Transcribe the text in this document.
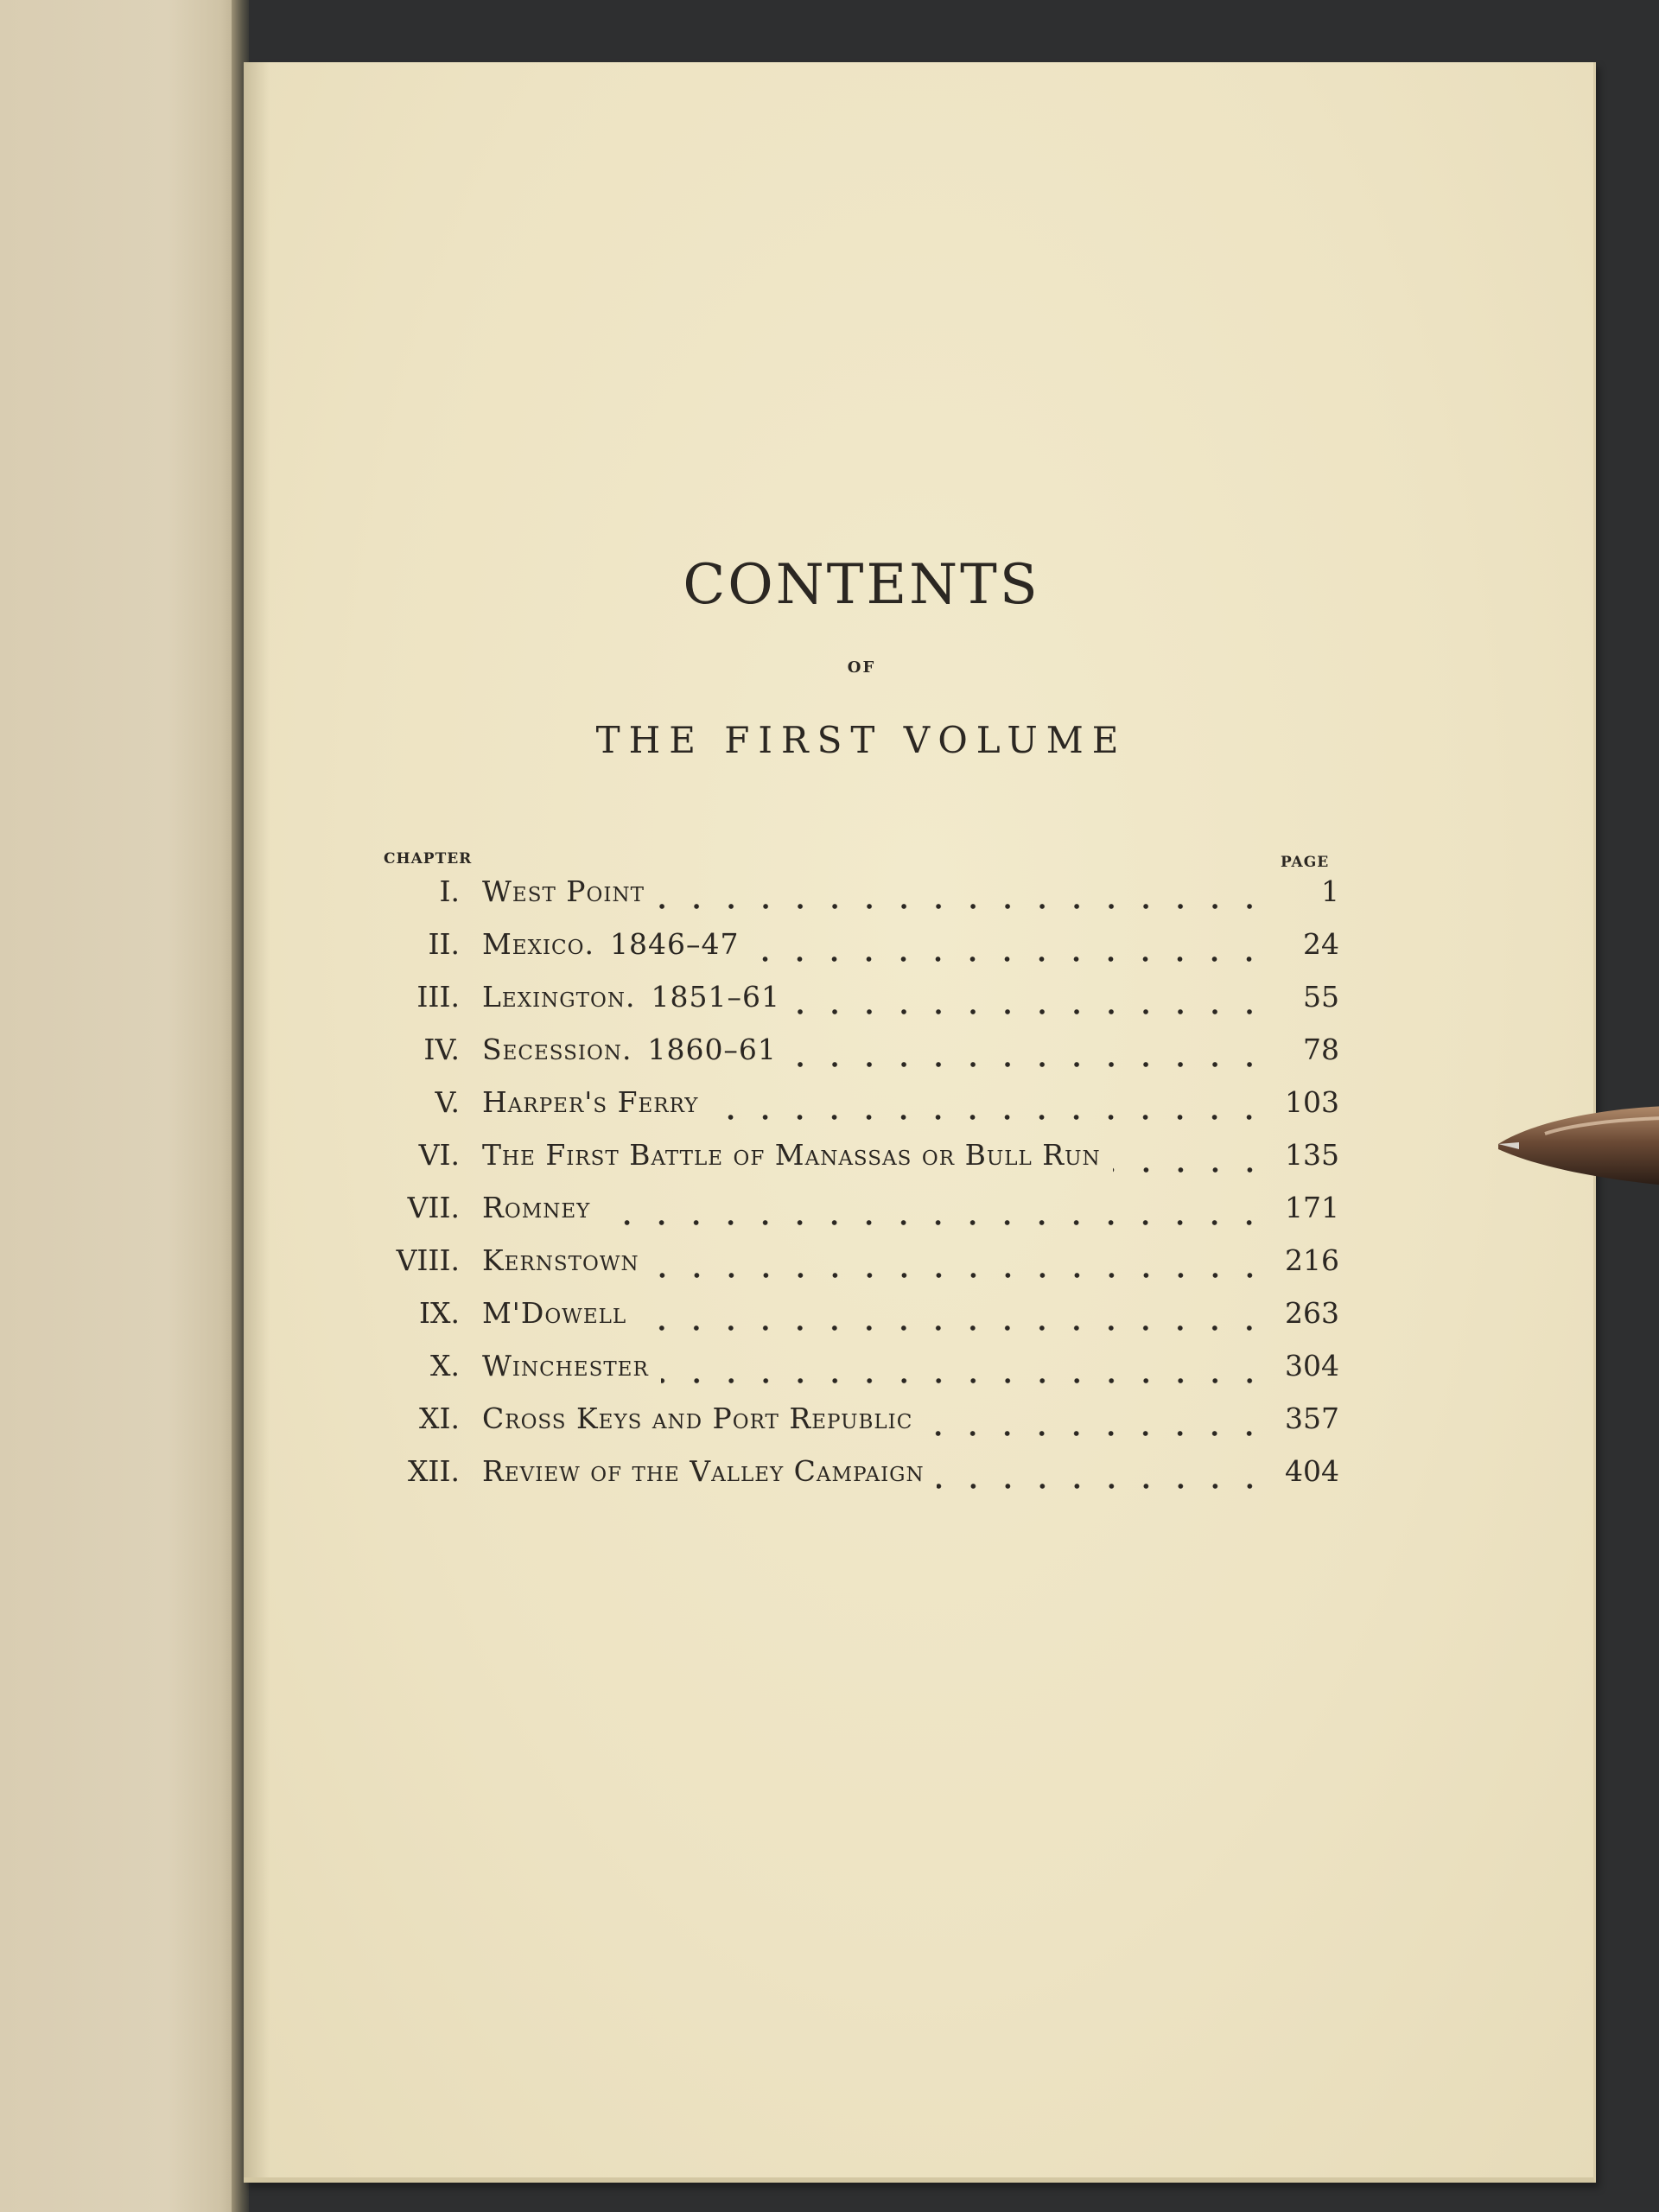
CONTENTS
OF
THE FIRST VOLUME
CHAPTER	PAGE
I. West Point	1
II. Mexico. 1846–47	24
III. Lexington. 1851–61	55
IV. Secession. 1860–61	78
V. Harper's Ferry	103
VI. The First Battle of Manassas or Bull Run	135
VII. Romney	171
VIII. Kernstown	216
IX. M'Dowell	263
X. Winchester	304
XI. Cross Keys and Port Republic	357
XII. Review of the Valley Campaign	404
